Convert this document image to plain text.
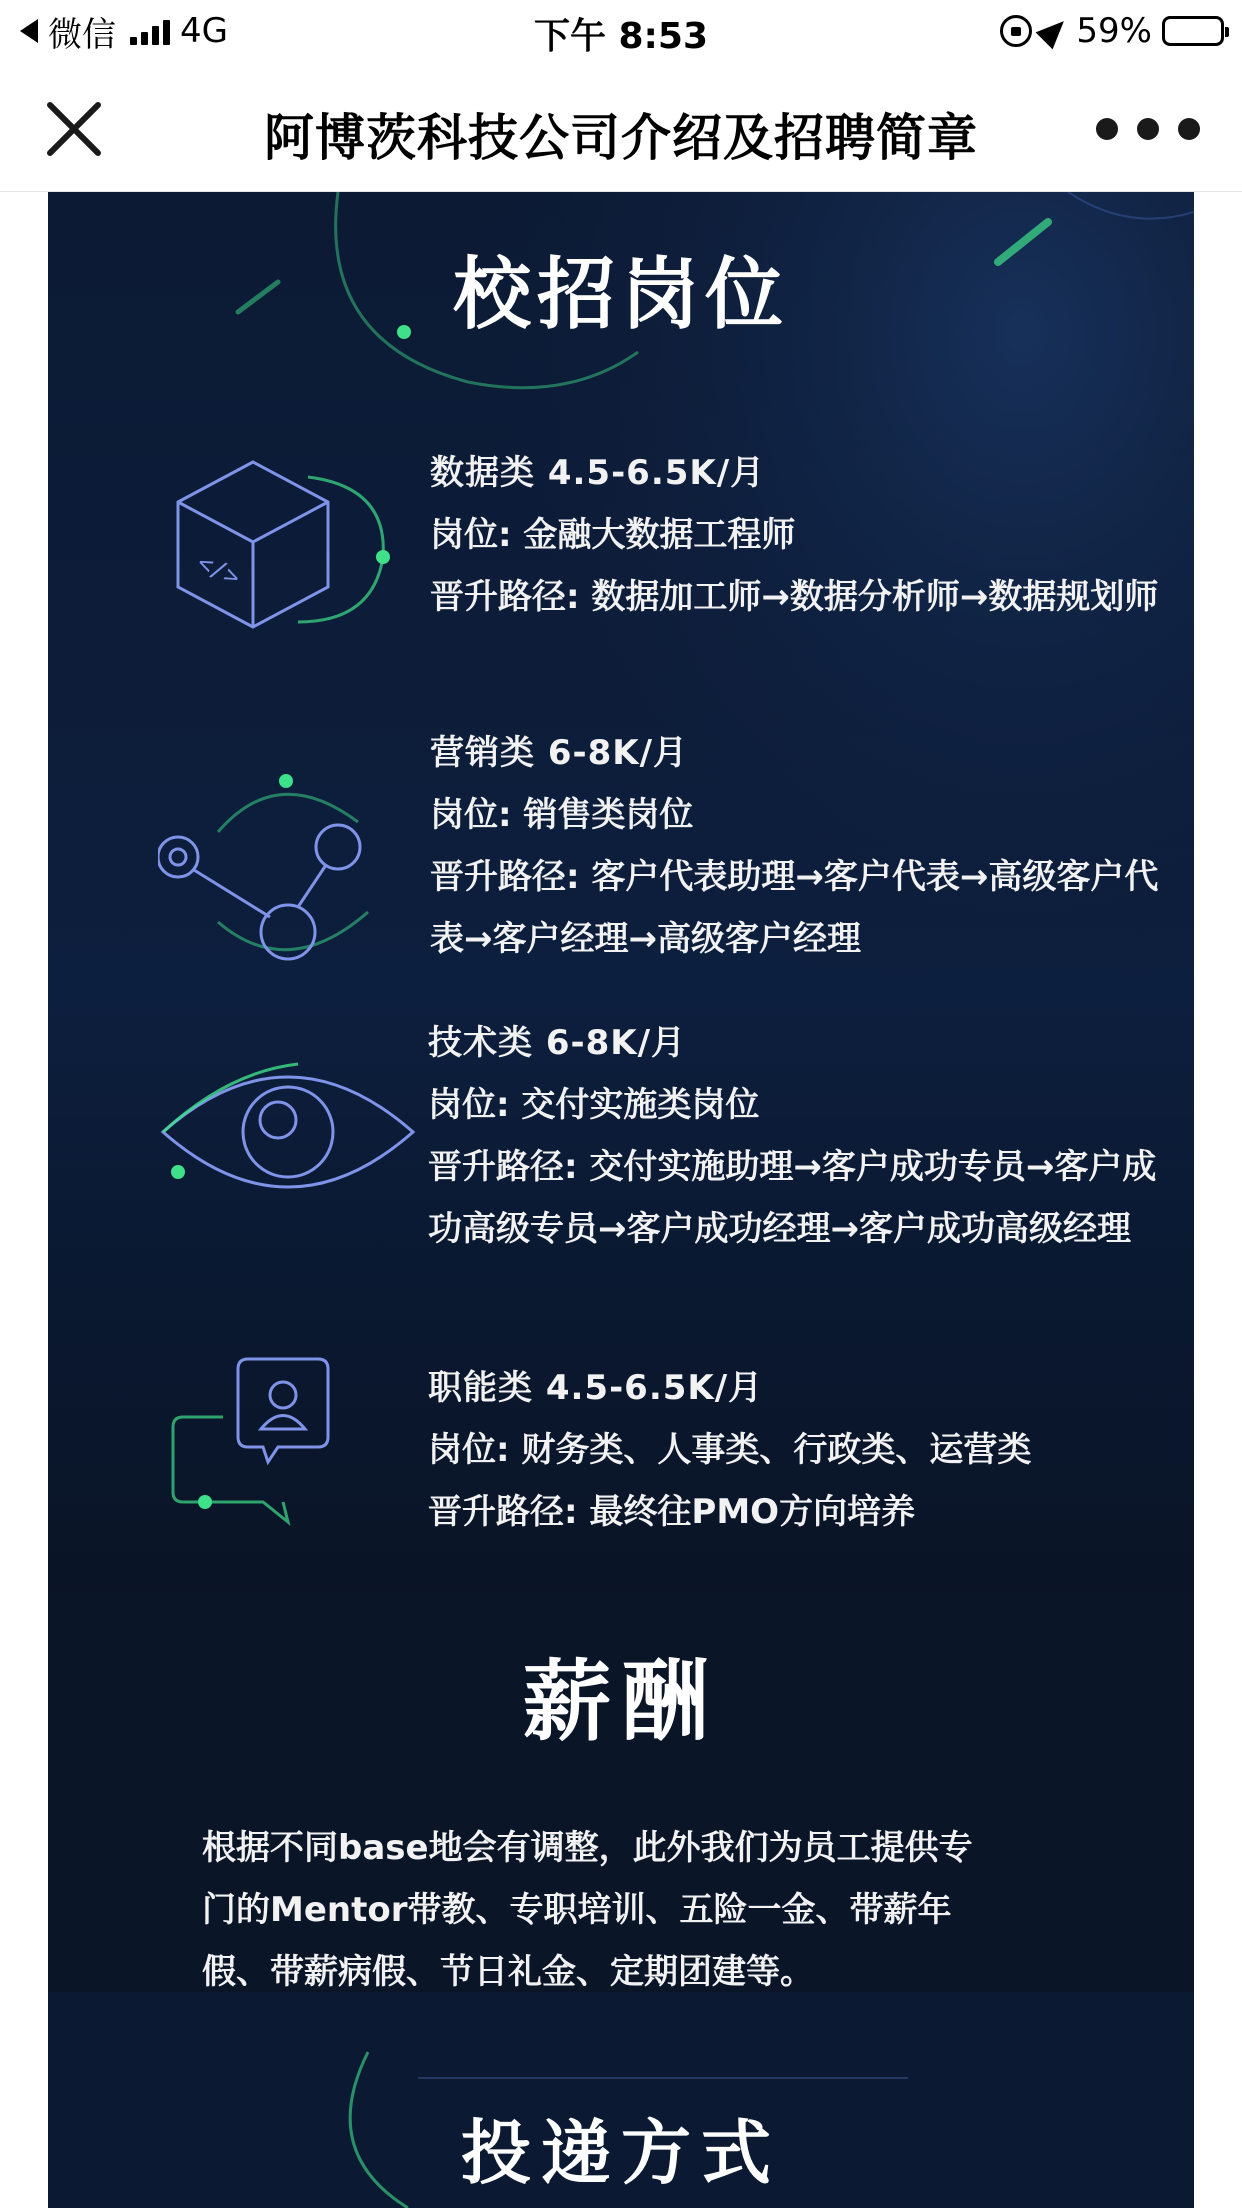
微信 4G	下午 8:53	59%
阿博茨科技公司介绍及招聘简章
校招岗位
</>
数据类 4.5-6.5K/月
岗位: 金融大数据工程师
晋升路径: 数据加工师→数据分析师→数据规划师
营销类 6-8K/月
岗位: 销售类岗位
晋升路径: 客户代表助理→客户代表→高级客户代表→客户经理→高级客户经理
技术类 6-8K/月
岗位: 交付实施类岗位
晋升路径: 交付实施助理→客户成功专员→客户成功高级专员→客户成功经理→客户成功高级经理
职能类 4.5-6.5K/月
岗位: 财务类、人事类、行政类、运营类
晋升路径: 最终往PMO方向培养
薪酬
根据不同base地会有调整，此外我们为员工提供专门的Mentor带教、专职培训、五险一金、带薪年假、带薪病假、节日礼金、定期团建等。
投递方式
